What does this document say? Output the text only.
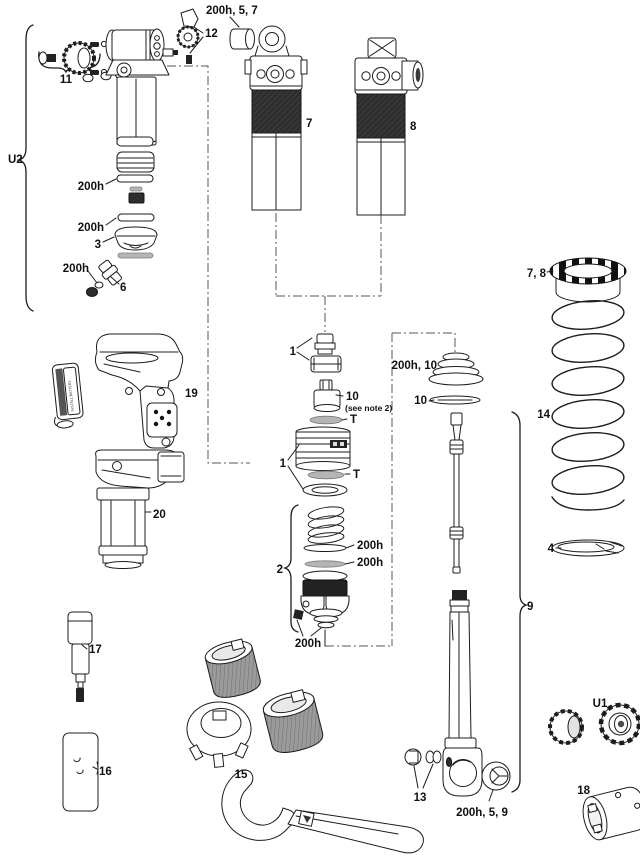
INSTALL BATTERY
U2
11
12
200h, 5, 7
7	8
200h
200h
3
200h
6
19
20
1
10
(see note 2)
T
1
T
2
200h
200h
200h
200h, 10
10
9
7, 8
14
4
13
200h, 5, 9
U1
18
17
16	15
